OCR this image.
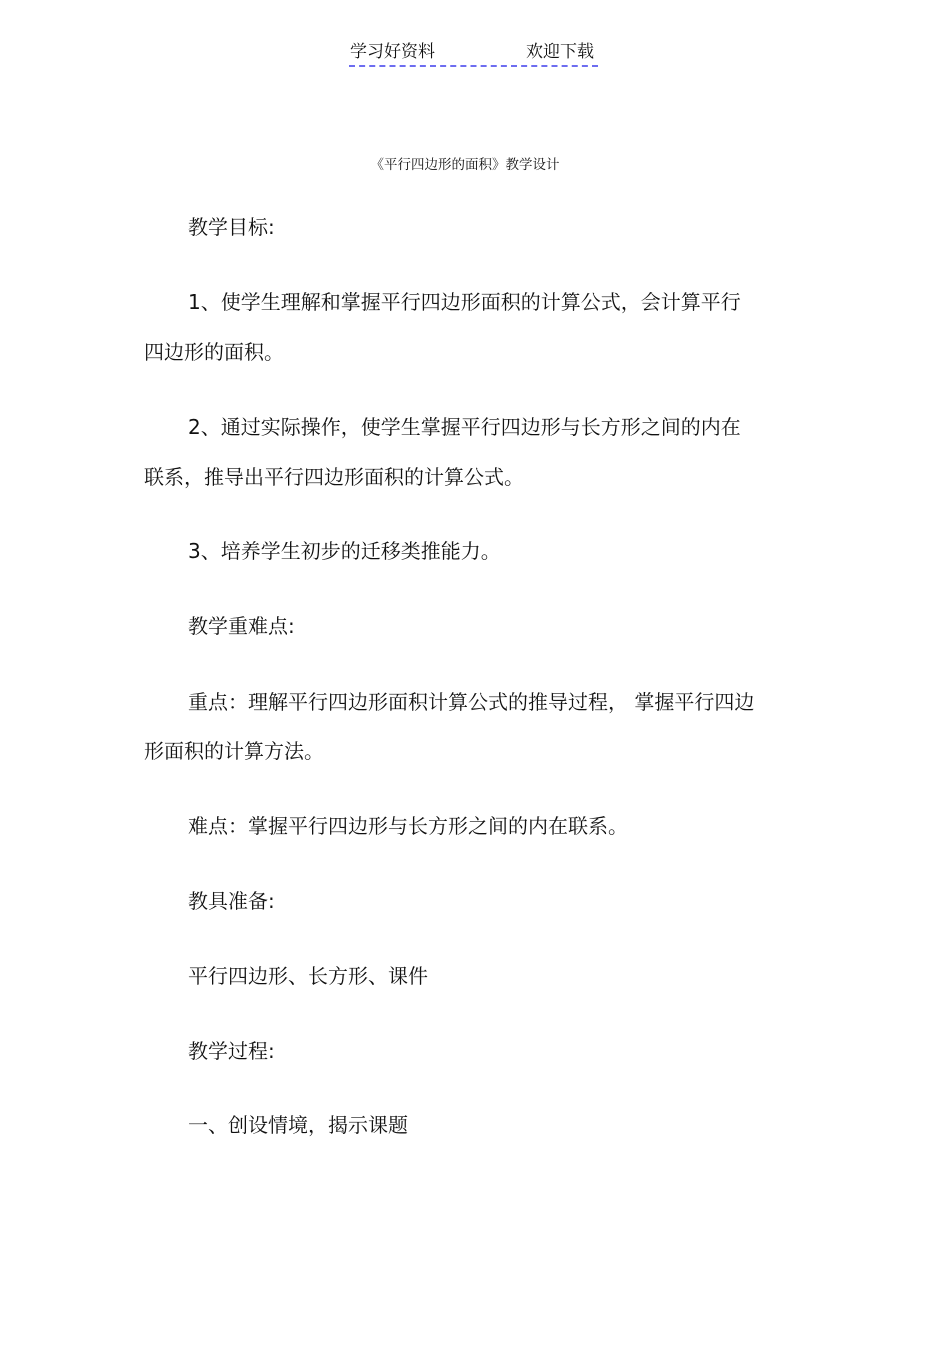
学习好资料	欢迎下载
《平行四边形的面积》教学设计
教学目标:
1、使学生理解和掌握平行四边形面积的计算公式，会计算平行
四边形的面积。
2、通过实际操作，使学生掌握平行四边形与长方形之间的内在
联系，推导出平行四边形面积的计算公式。
3、培养学生初步的迁移类推能力。
教学重难点:
重点：理解平行四边形面积计算公式的推导过程， 掌握平行四边
形面积的计算方法。
难点：掌握平行四边形与长方形之间的内在联系。
教具准备:
平行四边形、长方形、课件
教学过程:
一、创设情境，揭示课题
